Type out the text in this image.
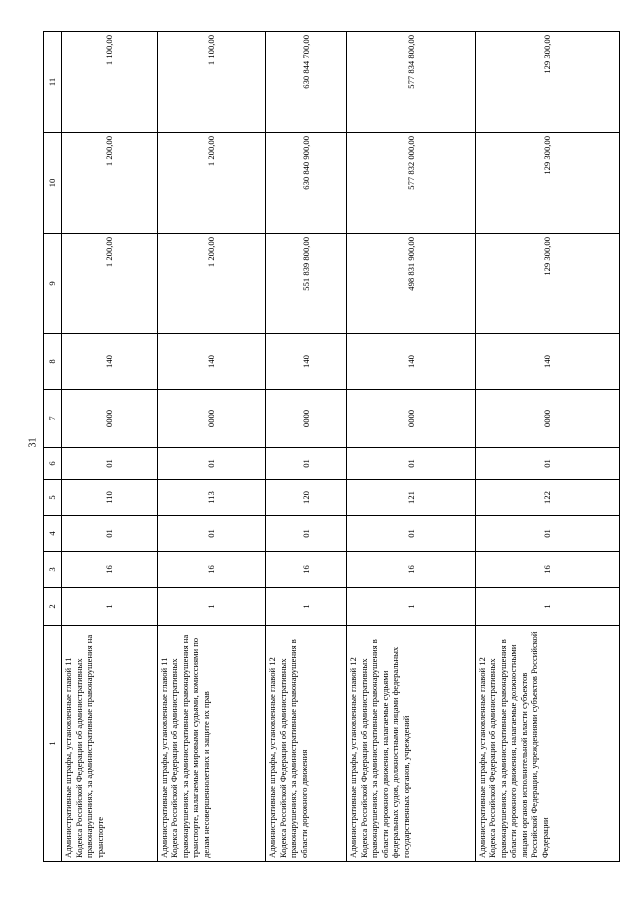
31
1	2	3	4	5	6	7	8	9	10	11
Административные штрафы, установленные главой 11 Кодекса Российской Федерации об административных правонарушениях, за административные правонарушения на транспорте	1	16	01	110	01	0000	140	1 200,00	1 200,00	1 100,00
Административные штрафы, установленные главой 11 Кодекса Российской Федерации об административных правонарушениях, за административные правонарушения на транспорте, налагаемые мировыми судьями, комиссиями по делам несовершеннолетних и защите их прав	1	16	01	113	01	0000	140	1 200,00	1 200,00	1 100,00
Административные штрафы, установленные главой 12 Кодекса Российской Федерации об административных правонарушениях, за административные правонарушения в области дорожного движения	1	16	01	120	01	0000	140	551 839 800,00	630 840 900,00	630 844 700,00
Административные штрафы, установленные главой 12 Кодекса Российской Федерации об административных правонарушениях, за административные правонарушения в области дорожного движения, налагаемые судьями федеральных судов, должностными лицами федеральных государственных органов, учреждений	1	16	01	121	01	0000	140	498 831 900,00	577 832 000,00	577 834 800,00
Административные штрафы, установленные главой 12 Кодекса Российской Федерации об административных правонарушениях, за административные правонарушения в области дорожного движения, налагаемые должностными лицами органов исполнительной власти субъектов Российской Федерации, учреждениями субъектов Российской Федерации	1	16	01	122	01	0000	140	129 300,00	129 300,00	129 300,00
